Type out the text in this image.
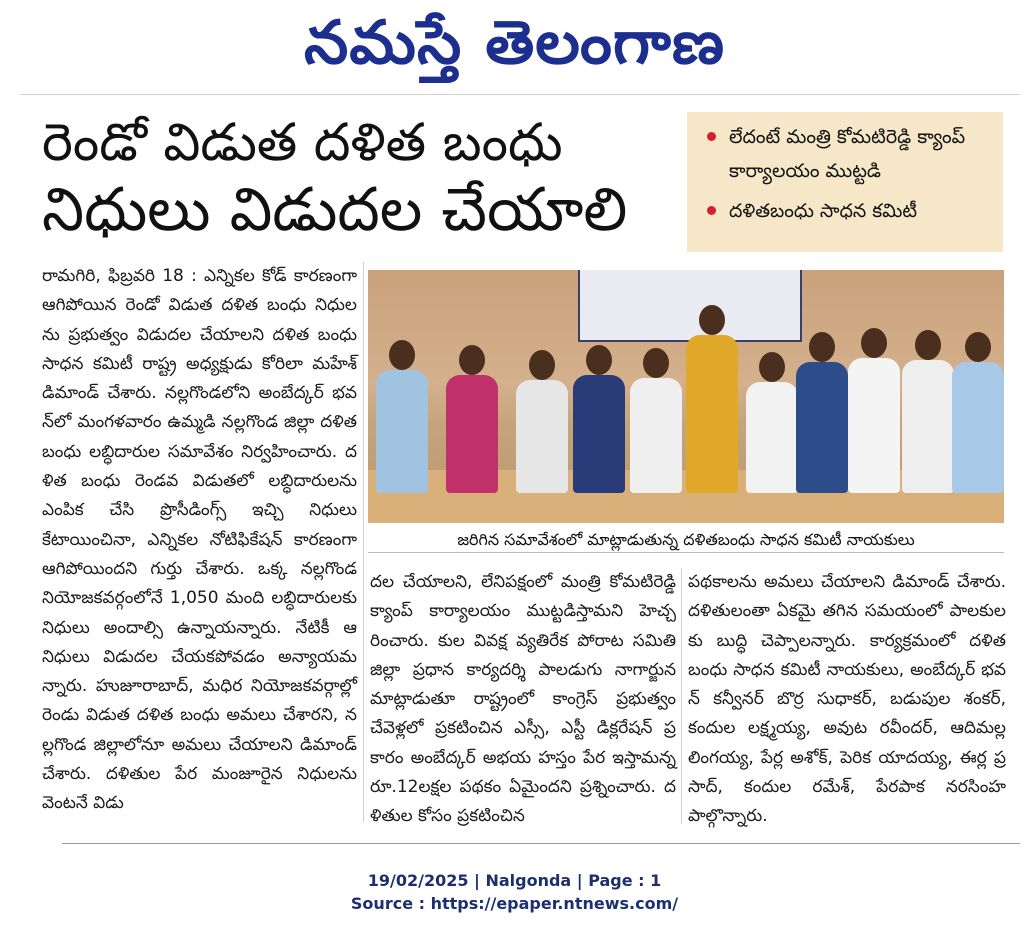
నమస్తే తెలంగాణ
రెండో విడుత దళిత బంధు
నిధులు విడుదల చేయాలి
లేదంటే మంత్రి కోమటిరెడ్డి క్యాంప్ కార్యాలయం ముట్టడి
దళితబంధు సాధన కమిటీ
జరిగిన సమావేశంలో మాట్లాడుతున్న దళితబంధు సాధన కమిటీ నాయకులు
రామగిరి, ఫిబ్రవరి 18 : ఎన్నికల కోడ్ కారణంగా ఆగిపోయిన రెండో విడుత దళిత బంధు నిధులను ప్రభుత్వం విడుదల చేయాలని దళిత బంధు సాధన కమిటీ రాష్ట్ర అధ్యక్షుడు కోరిలా మహేశ్ డిమాండ్ చేశారు. నల్లగొండలోని అంబేద్కర్ భవన్‌లో మంగళవారం ఉమ్మడి నల్లగొండ జిల్లా దళిత బంధు లబ్ధిదారుల సమావేశం నిర్వహించారు. దళిత బంధు రెండవ విడుతలో లబ్ధిదారులను ఎంపిక చేసి ప్రొసీడింగ్స్ ఇచ్చి నిధులు కేటాయించినా, ఎన్నికల నోటిఫికేషన్ కారణంగా ఆగిపోయిందని గుర్తు చేశారు. ఒక్క నల్లగొండ నియోజకవర్గంలోనే 1,050 మంది లబ్ధిదారులకు నిధులు అందాల్సి ఉన్నాయన్నారు. నేటికీ ఆ నిధులు విడుదల చేయకపోవడం అన్యాయమన్నారు. హుజూరాబాద్, మధిర నియోజకవర్గాల్లో రెండు విడుత దళిత బంధు అమలు చేశారని, నల్లగొండ జిల్లాలోనూ అమలు చేయాలని డిమాండ్ చేశారు. దళితుల పేర మంజూరైన నిధులను వెంటనే విడు
దల చేయాలని, లేనిపక్షంలో మంత్రి కోమటిరెడ్డి క్యాంప్ కార్యాలయం ముట్టడిస్తామని హెచ్చరించారు. కుల వివక్ష వ్యతిరేక పోరాట సమితి జిల్లా ప్రధాన కార్యదర్శి పాలడుగు నాగార్జున మాట్లాడుతూ రాష్ట్రంలో కాంగ్రెస్ ప్రభుత్వం చేవెళ్లలో ప్రకటించిన ఎస్సీ, ఎస్టీ డిక్లరేషన్ ప్రకారం అంబేద్కర్ అభయ హస్తం పేర ఇస్తామన్న రూ.12లక్షల పథకం ఏమైందని ప్రశ్నించారు. దళితుల కోసం ప్రకటించిన
పథకాలను అమలు చేయాలని డిమాండ్ చేశారు. దళితులంతా ఏకమై తగిన సమయంలో పాలకులకు బుద్ధి చెప్పాలన్నారు. కార్యక్రమంలో దళిత బంధు సాధన కమిటీ నాయకులు, అంబేద్కర్ భవన్ కన్వీనర్ బొర్ర సుధాకర్, బడుపుల శంకర్, కందుల లక్ష్మయ్య, అవుట రవీందర్, ఆదిమల్ల లింగయ్య, పేర్ల అశోక్, పెరిక యాదయ్య, ఈర్ల ప్రసాద్, కందుల రమేశ్, పేరపాక నరసింహ పాల్గొన్నారు.
19/02/2025 | Nalgonda | Page : 1
Source : https://epaper.ntnews.com/
